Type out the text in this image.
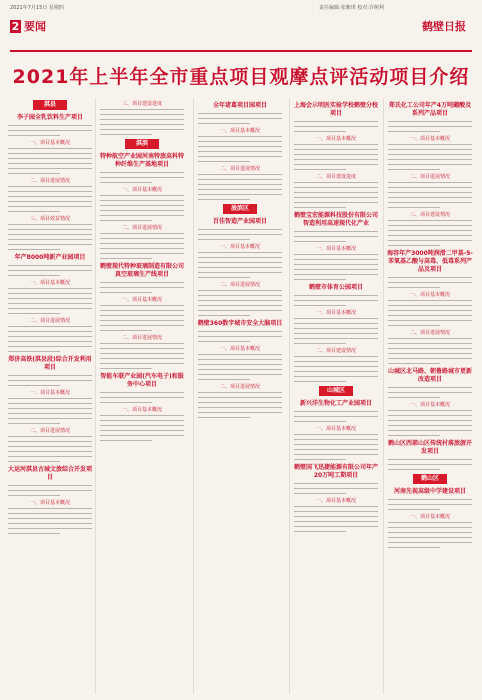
2021年7月15日 星期四	责任编辑:张紫琪 校对:许树利
2 要闻	鹤壁日报
2021年上半年全市重点项目观摩点评活动项目介绍
淇县
李子园全乳饮料生产项目
一、项目基本概况
二、项目进展情况
三、项目效益情况
年产8000吨新产业园项目
一、项目基本概况
二、项目进展情况
郑济高铁(淇县段)综合开发利用项目
一、项目基本概况
二、项目进展情况
大运河淇县古城文旅综合开发项目
一、项目基本概况
三、项目建设进度
淇滨
特种航空产业园河南特旅高科特种纤维生产基地项目
一、项目基本概况
二、项目进展情况
鹤壁现代特种玻璃制造有限公司真空玻璃生产线项目
一、项目基本概况
二、项目进展情况
智能车联产业园(汽车电子)和服务中心项目
一、项目基本概况
全年诸葛项目园项目
一、项目基本概况
二、项目进展情况
浚滨区
百佳智造产业园项目
一、项目基本概况
二、项目进展情况
鹤壁360数字城市安全大脑项目
一、项目基本概况
二、项目进展情况
上海会示明医实验学校鹤壁分校项目
一、项目基本概况
二、项目建设进度
鹤壁宝宏能源科技股份有限公司智造利用高速现代化产业
一、项目基本概况
鹤壁市体育公园项目
一、项目基本概况
二、项目建设情况
山城区
新兴洋生物化工产业园项目
一、项目基本概况
鹤壁国飞迅捷能源有限公司年产20万吨工期项目
一、项目基本概况
郑氏化工公司年产4万吨硼酸及系列产品项目
一、项目基本概况
二、项目进展情况
三、项目建设情况
海容年产3000吨润滑二甲基-5-苯氧基乙酸与高毒、低毒系列产品及项目
一、项目基本概况
二、项目进展情况
山城区北马路、朝鲁路城市更新改造项目
一、项目基本概况
鹤山区西部山区传统村落旅游开发项目
鹤山区
河南先视高级中学建设项目
一、项目基本概况
